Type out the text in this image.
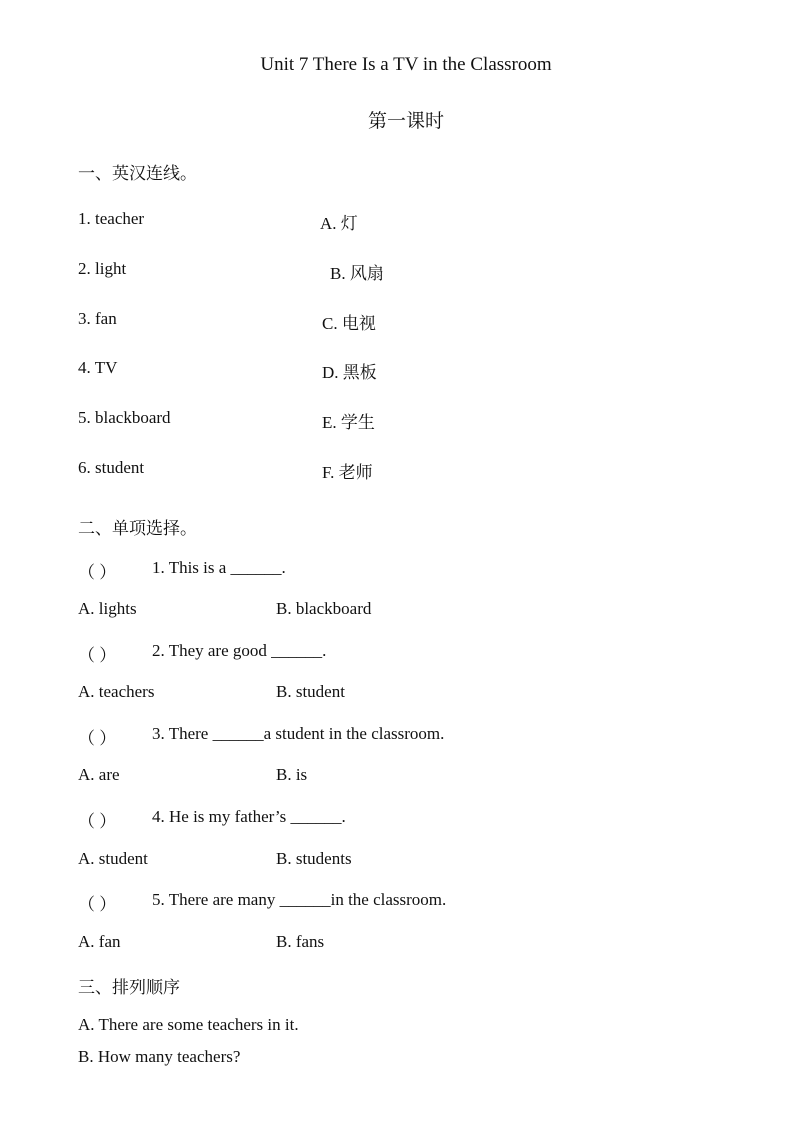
Unit 7 There Is a TV in the Classroom
第一课时
一、英汉连线。
1. teacher	A. 灯
2. light	B. 风扇
3. fan	C. 电视
4. TV	D. 黑板
5. blackboard	E. 学生
6. student	F. 老师
二、单项选择。
（ ） 1. This is a ______.
A. lights	B. blackboard
（ ） 2. They are good ______.
A. teachers	B. student
（ ） 3. There ______a student in the classroom.
A. are	B. is
（ ） 4. He is my father’s ______.
A. student	B. students
（ ） 5. There are many ______in the classroom.
A. fan	B. fans
三、排列顺序
A. There are some teachers in it.
B. How many teachers?
